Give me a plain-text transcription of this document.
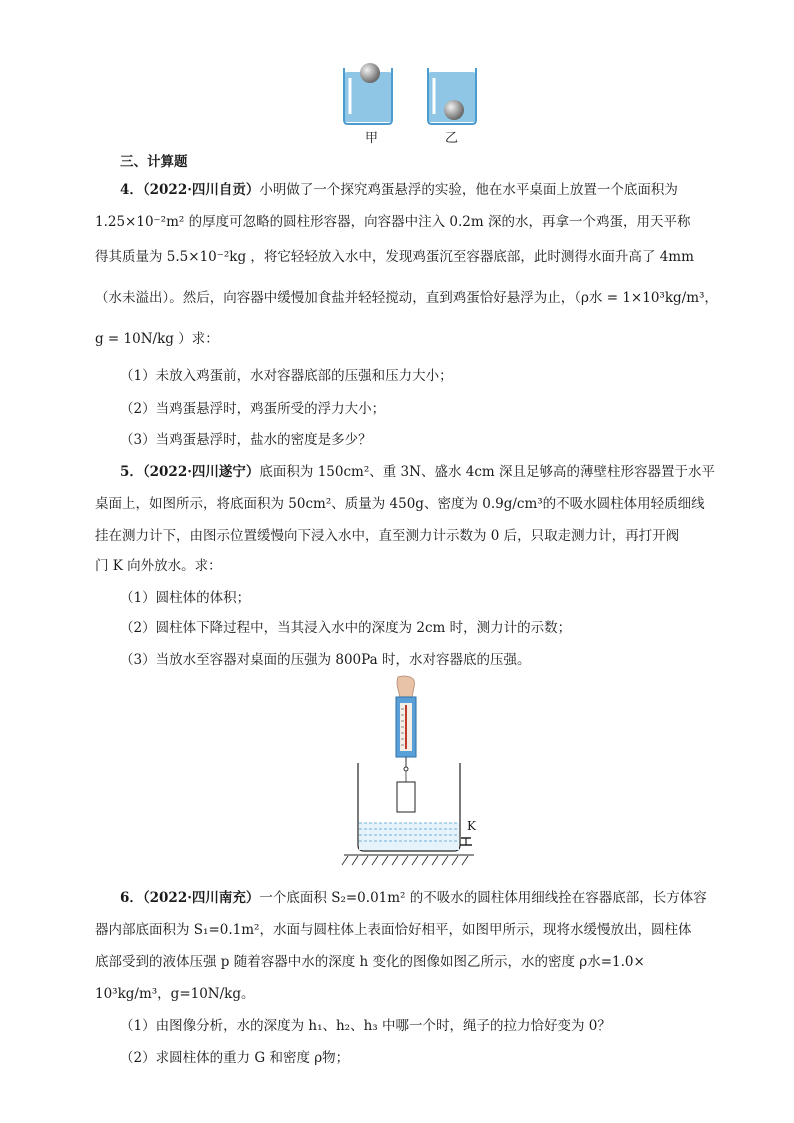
甲	乙
三、计算题
4．（2022·四川自贡）小明做了一个探究鸡蛋悬浮的实验，他在水平桌面上放置一个底面积为
1.25×10⁻²m² 的厚度可忽略的圆柱形容器，向容器中注入 0.2m 深的水，再拿一个鸡蛋，用天平称
得其质量为 5.5×10⁻²kg ，将它轻轻放入水中，发现鸡蛋沉至容器底部，此时测得水面升高了 4mm
（水未溢出）。然后，向容器中缓慢加食盐并轻轻搅动，直到鸡蛋恰好悬浮为止，（ρ水 = 1×10³kg/m³，
g = 10N/kg ）求：
（1）未放入鸡蛋前，水对容器底部的压强和压力大小；
（2）当鸡蛋悬浮时，鸡蛋所受的浮力大小；
（3）当鸡蛋悬浮时，盐水的密度是多少？
5．（2022·四川遂宁）底面积为 150cm²、重 3N、盛水 4cm 深且足够高的薄壁柱形容器置于水平
桌面上，如图所示，将底面积为 50cm²、质量为 450g、密度为 0.9g/cm³的不吸水圆柱体用轻质细线
挂在测力计下，由图示位置缓慢向下浸入水中，直至测力计示数为 0 后，只取走测力计，再打开阀
门 K 向外放水。求：
（1）圆柱体的体积；
（2）圆柱体下降过程中，当其浸入水中的深度为 2cm 时，测力计的示数；
（3）当放水至容器对桌面的压强为 800Pa 时，水对容器底的压强。
K
6．（2022·四川南充）一个底面积 S₂=0.01m² 的不吸水的圆柱体用细线拴在容器底部，长方体容
器内部底面积为 S₁=0.1m²，水面与圆柱体上表面恰好相平，如图甲所示，现将水缓慢放出，圆柱体
底部受到的液体压强 p 随着容器中水的深度 h 变化的图像如图乙所示，水的密度 ρ水=1.0×
10³kg/m³，g=10N/kg。
（1）由图像分析，水的深度为 h₁、h₂、h₃ 中哪一个时，绳子的拉力恰好变为 0？
（2）求圆柱体的重力 G 和密度 ρ物；
